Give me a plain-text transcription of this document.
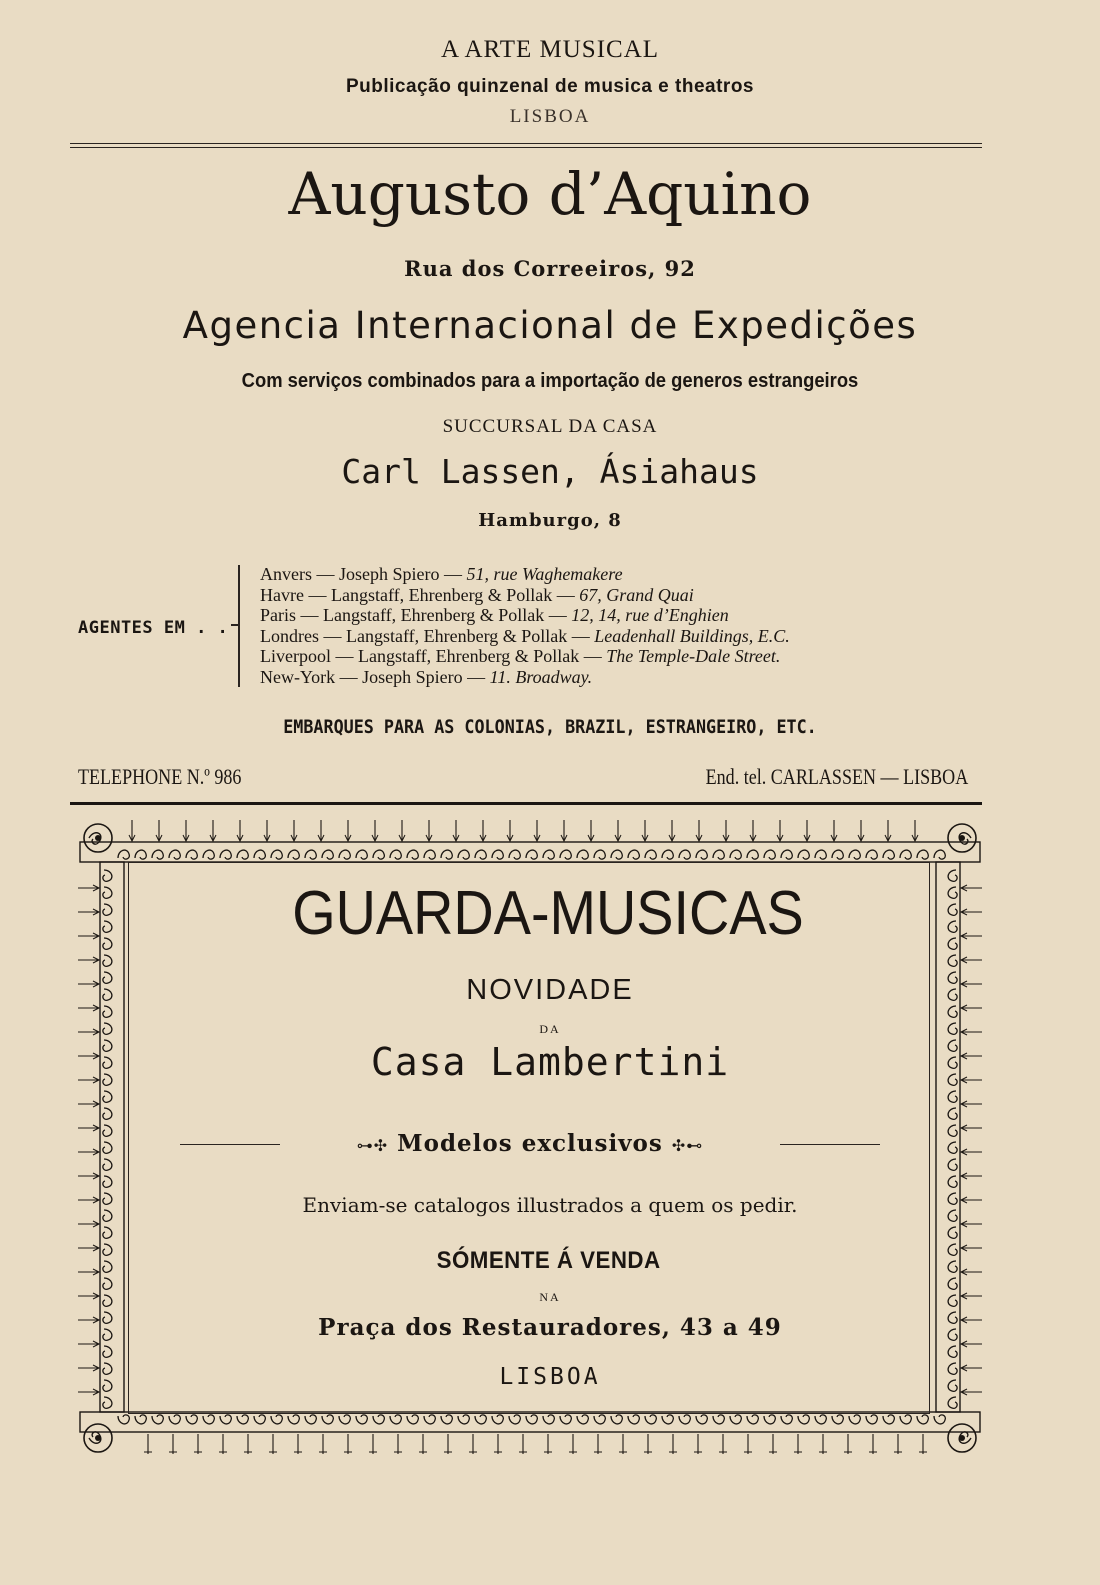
A ARTE MUSICAL
Publicação quinzenal de musica e theatros
LISBOA
Augusto d’Aquino
Rua dos Correeiros, 92
Agencia Internacional de Expedições
Com serviços combinados para a importação de generos estrangeiros
SUCCURSAL DA CASA
Carl Lassen, Ásiahaus
Hamburgo, 8
AGENTES EM . .
Anvers — Joseph Spiero — 51, rue Waghemakere
Havre — Langstaff, Ehrenberg & Pollak — 67, Grand Quai
Paris — Langstaff, Ehrenberg & Pollak — 12, 14, rue d’Enghien
Londres — Langstaff, Ehrenberg & Pollak — Leadenhall Buildings, E.C.
Liverpool — Langstaff, Ehrenberg & Pollak — The Temple-Dale Street.
New-York — Joseph Spiero — 11. Broadway.
EMBARQUES PARA AS COLONIAS, BRAZIL, ESTRANGEIRO, ETC.
TELEPHONE N.º 986	End. tel. CARLASSEN — LISBOA
GUARDA-MUSICAS
NOVIDADE
DA
Casa Lambertini
⊶✣ Modelos exclusivos ✣⊷
Enviam-se catalogos illustrados a quem os pedir.
SÓMENTE Á VENDA
NA
Praça dos Restauradores, 43 a 49
LISBOA
